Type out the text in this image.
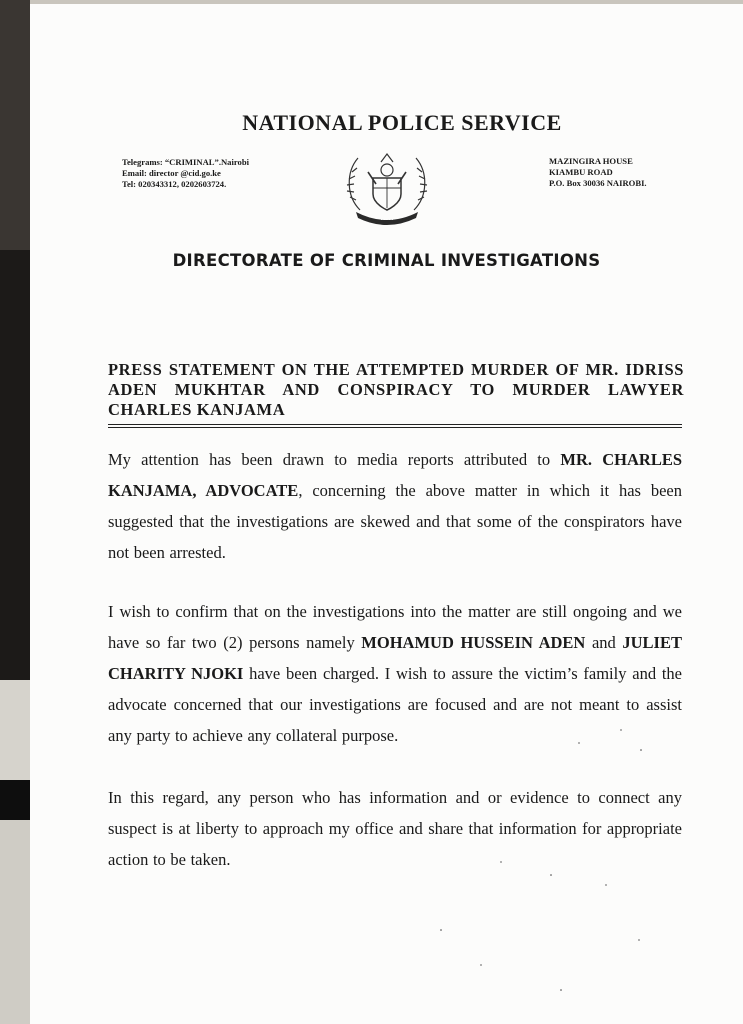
NATIONAL POLICE SERVICE
Telegrams: “CRIMINAL”.Nairobi
Email: director @cid.go.ke
Tel: 020343312, 0202603724.
• • • • •
MAZINGIRA HOUSE
KIAMBU ROAD
P.O. Box 30036 NAIROBI.
DIRECTORATE OF CRIMINAL INVESTIGATIONS
PRESS STATEMENT ON THE ATTEMPTED MURDER OF MR. IDRISS ADEN MUKHTAR AND CONSPIRACY TO MURDER LAWYER CHARLES KANJAMA
My attention has been drawn to media reports attributed to MR. CHARLES KANJAMA, ADVOCATE, concerning the above matter in which it has been suggested that the investigations are skewed and that some of the conspirators have not been arrested.
I wish to confirm that on the investigations into the matter are still ongoing and we have so far two (2) persons namely MOHAMUD HUSSEIN ADEN and JULIET CHARITY NJOKI have been charged. I wish to assure the victim’s family and the advocate concerned that our investigations are focused and are not meant to assist any party to achieve any collateral purpose.
In this regard, any person who has information and or evidence to connect any suspect is at liberty to approach my office and share that information for appropriate action to be taken.
